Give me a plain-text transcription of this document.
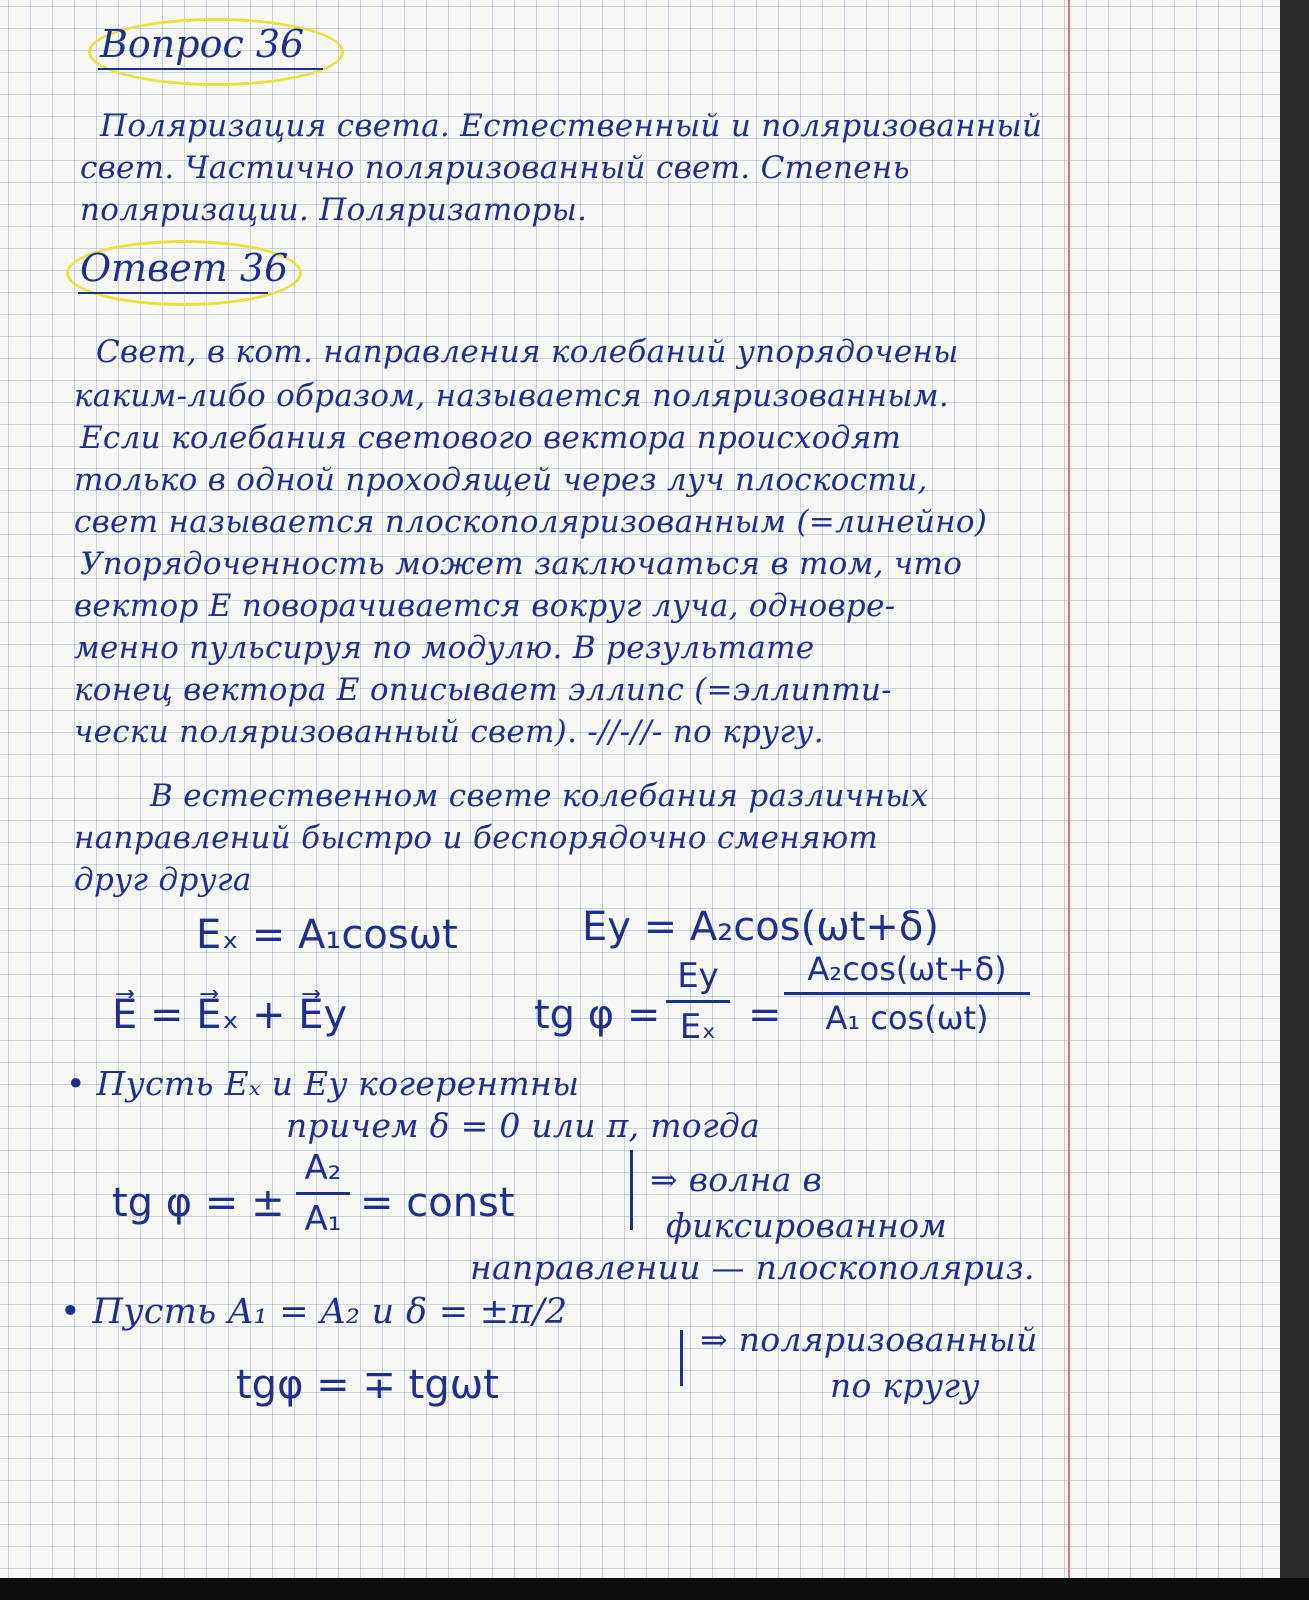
Вопрос 36
Поляризация света. Естественный и поляризованный
свет. Частично поляризованный свет. Степень
поляризации. Поляризаторы.
Ответ 36
Свет, в кот. направления колебаний упорядочены
каким-либо образом, называется поляризованным.
Если колебания светового вектора происходят
только в одной проходящей через луч плоскости,
свет называется плоскополяризованным (=линейно)
Упорядоченность может заключаться в том, что
вектор E поворачивается вокруг луча, одновре-
менно пульсируя по модулю. В результате
конец вектора E описывает эллипс (=эллипти-
чески поляризованный свет). -//-//- по кругу.
В естественном свете колебания различных
направлений быстро и беспорядочно сменяют
друг друга
Eₓ = A₁cosωt	Ey = A₂cos(ωt+δ)
E⃗ = E⃗ₓ + E⃗y	tg φ =
Ey
Eₓ =
A₂cos(ωt+δ)
A₁ cos(ωt)
• Пусть Eₓ и Ey когерентны
причем δ = 0 или π, тогда
tg φ = ±
A₂
A₁ = const
⇒ волна в
фиксированном
направлении — плоскополяриз.
• Пусть A₁ = A₂ и δ = ±π/2
tgφ = ∓ tgωt
⇒ поляризованный
по кругу
